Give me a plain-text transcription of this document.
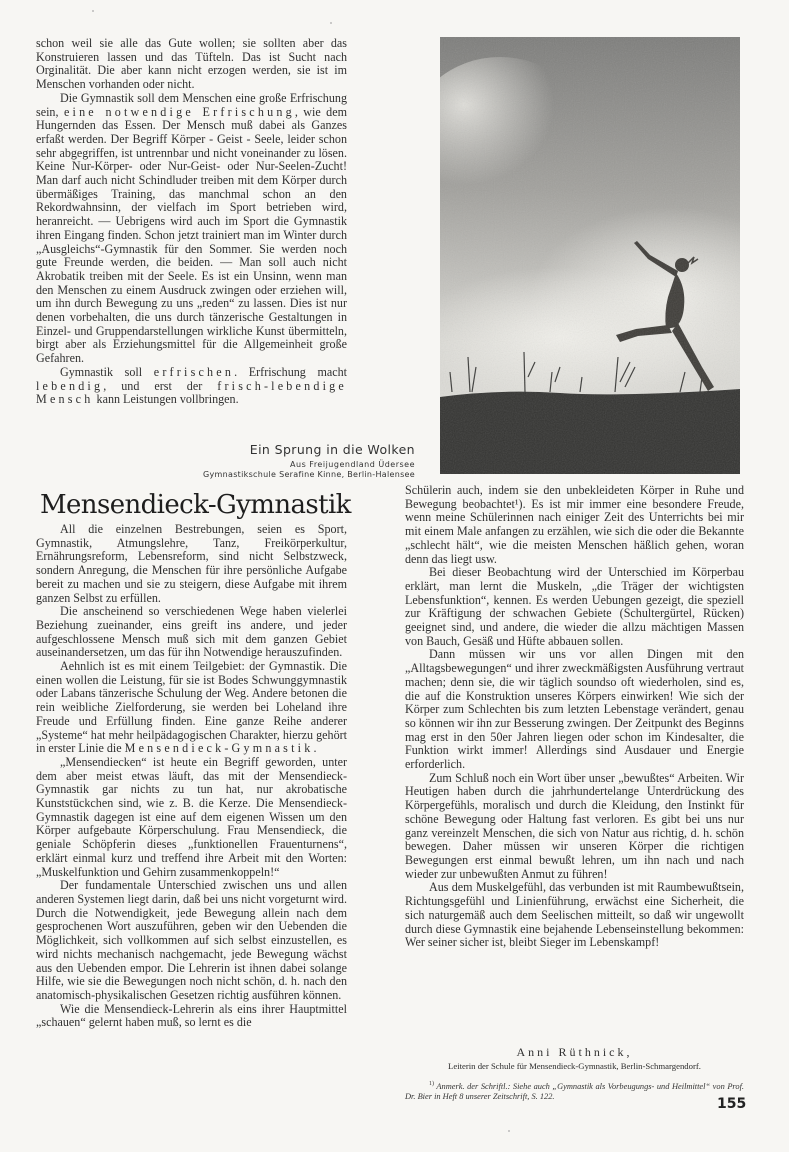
schon weil sie alle das Gute wollen; sie sollten aber das Konstruieren lassen und das Tüfteln. Das ist Sucht nach Orginalität. Die aber kann nicht erzogen werden, sie ist im Menschen vorhanden oder nicht.

Die Gymnastik soll dem Menschen eine große Erfrischung sein, eine notwendige Erfrischung, wie dem Hungernden das Essen. Der Mensch muß dabei als Ganzes erfaßt werden. Der Begriff Körper - Geist - Seele, leider schon sehr abgegriffen, ist untrennbar und nicht voneinander zu lösen. Keine Nur-Körper- oder Nur-Geist- oder Nur-Seelen-Zucht! Man darf auch nicht Schindluder treiben mit dem Körper durch übermäßiges Training, das manchmal schon an den Rekordwahnsinn, der vielfach im Sport betrieben wird, heranreicht. — Uebrigens wird auch im Sport die Gymnastik ihren Eingang finden. Schon jetzt trainiert man im Winter durch „Ausgleichs“-Gymnastik für den Sommer. Sie werden noch gute Freunde werden, die beiden. — Man soll auch nicht Akrobatik treiben mit der Seele. Es ist ein Unsinn, wenn man den Menschen zu einem Ausdruck zwingen oder erziehen will, um ihn durch Bewegung zu uns „reden“ zu lassen. Dies ist nur denen vorbehalten, die uns durch tänzerische Gestaltungen in Einzel- und Gruppendarstellungen wirkliche Kunst übermitteln, birgt aber als Erziehungsmittel für die Allgemeinheit große Gefahren.

Gymnastik soll erfrischen. Erfrischung macht lebendig, und erst der frisch-lebendige Mensch kann Leistungen vollbringen.

Ein Sprung in die Wolken
Aus Freijugendland Üdersee
Gymnastikschule Serafine Kinne, Berlin-Halensee
Mensendieck-Gymnastik

All die einzelnen Bestrebungen, seien es Sport, Gymnastik, Atmungslehre, Tanz, Freikörperkultur, Ernährungsreform, Lebensreform, sind nicht Selbstzweck, sondern Anregung, die Menschen für ihre persönliche Aufgabe bereit zu machen und sie zu steigern, diese Aufgabe mit ihrem ganzen Selbst zu erfüllen.

Die anscheinend so verschiedenen Wege haben vielerlei Beziehung zueinander, eins greift ins andere, und jeder aufgeschlossene Mensch muß sich mit dem ganzen Gebiet auseinandersetzen, um das für ihn Notwendige herauszufinden.

Aehnlich ist es mit einem Teilgebiet: der Gymnastik. Die einen wollen die Leistung, für sie ist Bodes Schwunggymnastik oder Labans tänzerische Schulung der Weg. Andere betonen die rein weibliche Zielforderung, sie werden bei Loheland ihre Freude und Erfüllung finden. Eine ganze Reihe anderer „Systeme“ hat mehr heilpädagogischen Charakter, hierzu gehört in erster Linie die Mensendieck-Gymnastik.

„Mensendiecken“ ist heute ein Begriff geworden, unter dem aber meist etwas läuft, das mit der Mensendieck-Gymnastik gar nichts zu tun hat, nur akrobatische Kunststückchen sind, wie z. B. die Kerze. Die Mensendieck-Gymnastik dagegen ist eine auf dem eigenen Wissen um den Körper aufgebaute Körperschulung. Frau Mensendieck, die geniale Schöpferin dieses „funktionellen Frauenturnens“, erklärt einmal kurz und treffend ihre Arbeit mit den Worten: „Muskelfunktion und Gehirn zusammenkoppeln!“

Der fundamentale Unterschied zwischen uns und allen anderen Systemen liegt darin, daß bei uns nicht vorgeturnt wird. Durch die Notwendigkeit, jede Bewegung allein nach dem gesprochenen Wort auszuführen, geben wir den Uebenden die Möglichkeit, sich vollkommen auf sich selbst einzustellen, es wird nichts mechanisch nachgemacht, jede Bewegung wächst aus den Uebenden empor. Die Lehrerin ist ihnen dabei solange Hilfe, wie sie die Bewegungen noch nicht schön, d. h. nach den anatomisch-physikalischen Gesetzen richtig ausführen können.

Wie die Mensendieck-Lehrerin als eins ihrer Hauptmittel „schauen“ gelernt haben muß, so lernt es die

Schülerin auch, indem sie den unbekleideten Körper in Ruhe und Bewegung beobachtet¹). Es ist mir immer eine besondere Freude, wenn meine Schülerinnen nach einiger Zeit des Unterrichts bei mir mit einem Male anfangen zu erzählen, wie sich die oder die Bekannte „schlecht hält“, wie die meisten Menschen häßlich gehen, woran denn das liegt usw.

Bei dieser Beobachtung wird der Unterschied im Körperbau erklärt, man lernt die Muskeln, „die Träger der wichtigsten Lebensfunktion“, kennen. Es werden Uebungen gezeigt, die speziell zur Kräftigung der schwachen Gebiete (Schultergürtel, Rücken) geeignet sind, und andere, die wieder die allzu mächtigen Massen von Bauch, Gesäß und Hüfte abbauen sollen.

Dann müssen wir uns vor allen Dingen mit den „Alltagsbewegungen“ und ihrer zweckmäßigsten Ausführung vertraut machen; denn sie, die wir täglich soundso oft wiederholen, sind es, die auf die Konstruktion unseres Körpers einwirken! Wie sich der Körper zum Schlechten bis zum letzten Lebenstage verändert, genau so können wir ihn zur Besserung zwingen. Der Zeitpunkt des Beginns mag erst in den 50er Jahren liegen oder schon im Kindesalter, die Funktion wirkt immer! Allerdings sind Ausdauer und Energie erforderlich.

Zum Schluß noch ein Wort über unser „bewußtes“ Arbeiten. Wir Heutigen haben durch die jahrhundertelange Unterdrückung des Körpergefühls, moralisch und durch die Kleidung, den Instinkt für schöne Bewegung oder Haltung fast verloren. Es gibt bei uns nur ganz vereinzelt Menschen, die sich von Natur aus richtig, d. h. schön bewegen. Daher müssen wir unseren Körper die richtigen Bewegungen erst einmal bewußt lehren, um ihn nach und nach wieder zur unbewußten Anmut zu führen!

Aus dem Muskelgefühl, das verbunden ist mit Raumbewußtsein, Richtungsgefühl und Linienführung, erwächst eine Sicherheit, die sich naturgemäß auch dem Seelischen mitteilt, so daß wir ungewollt durch diese Gymnastik eine bejahende Lebenseinstellung bekommen: Wer seiner sicher ist, bleibt Sieger im Lebenskampf!

Anni Rüthnick,
Leiterin der Schule für Mensendieck-Gymnastik, Berlin-Schmargendorf.
$^{1)}$ Anmerk. der Schriftl.: Siehe auch „Gymnastik als Vorbeugungs- und Heilmittel“ von Prof. Dr. Bier in Heft 8 unserer Zeitschrift, S. 122.	155
